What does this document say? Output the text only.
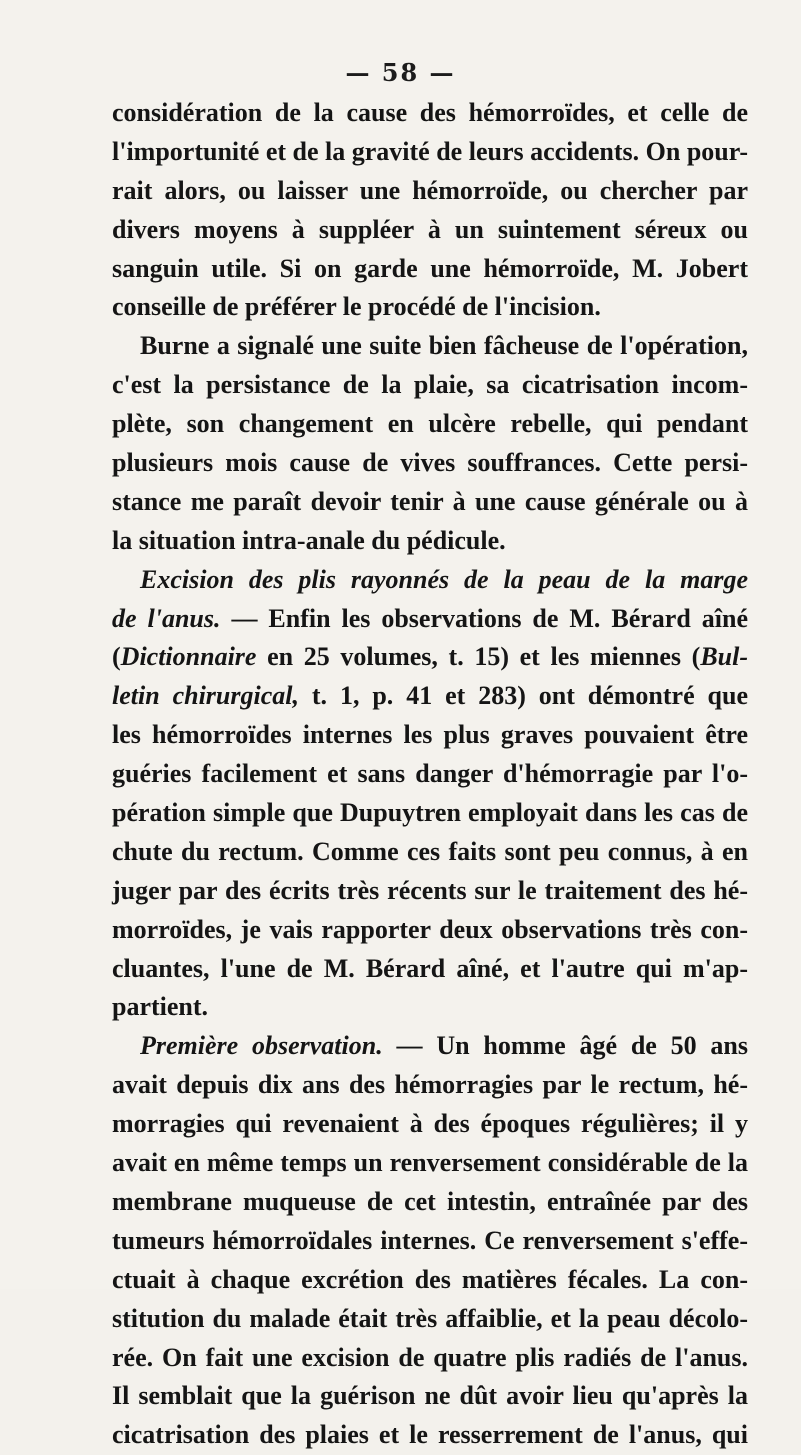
— 58 —
considération de la cause des hémorroïdes, et celle de
l'importunité et de la gravité de leurs accidents. On pour-
rait alors, ou laisser une hémorroïde, ou chercher par
divers moyens à suppléer à un suintement séreux ou
sanguin utile. Si on garde une hémorroïde, M. Jobert
conseille de préférer le procédé de l'incision.
Burne a signalé une suite bien fâcheuse de l'opération,
c'est la persistance de la plaie, sa cicatrisation incom-
plète, son changement en ulcère rebelle, qui pendant
plusieurs mois cause de vives souffrances. Cette persi-
stance me paraît devoir tenir à une cause générale ou à
la situation intra-anale du pédicule.
Excision des plis rayonnés de la peau de la marge
de l'anus. — Enfin les observations de M. Bérard aîné
(Dictionnaire en 25 volumes, t. 15) et les miennes (Bul-
letin chirurgical, t. 1, p. 41 et 283) ont démontré que
les hémorroïdes internes les plus graves pouvaient être
guéries facilement et sans danger d'hémorragie par l'o-
pération simple que Dupuytren employait dans les cas de
chute du rectum. Comme ces faits sont peu connus, à en
juger par des écrits très récents sur le traitement des hé-
morroïdes, je vais rapporter deux observations très con-
cluantes, l'une de M. Bérard aîné, et l'autre qui m'ap-
partient.
Première observation. — Un homme âgé de 50 ans
avait depuis dix ans des hémorragies par le rectum, hé-
morragies qui revenaient à des époques régulières; il y
avait en même temps un renversement considérable de la
membrane muqueuse de cet intestin, entraînée par des
tumeurs hémorroïdales internes. Ce renversement s'effe-
ctuait à chaque excrétion des matières fécales. La con-
stitution du malade était très affaiblie, et la peau décolo-
rée. On fait une excision de quatre plis radiés de l'anus.
Il semblait que la guérison ne dût avoir lieu qu'après la
cicatrisation des plaies et le resserrement de l'anus, qui
